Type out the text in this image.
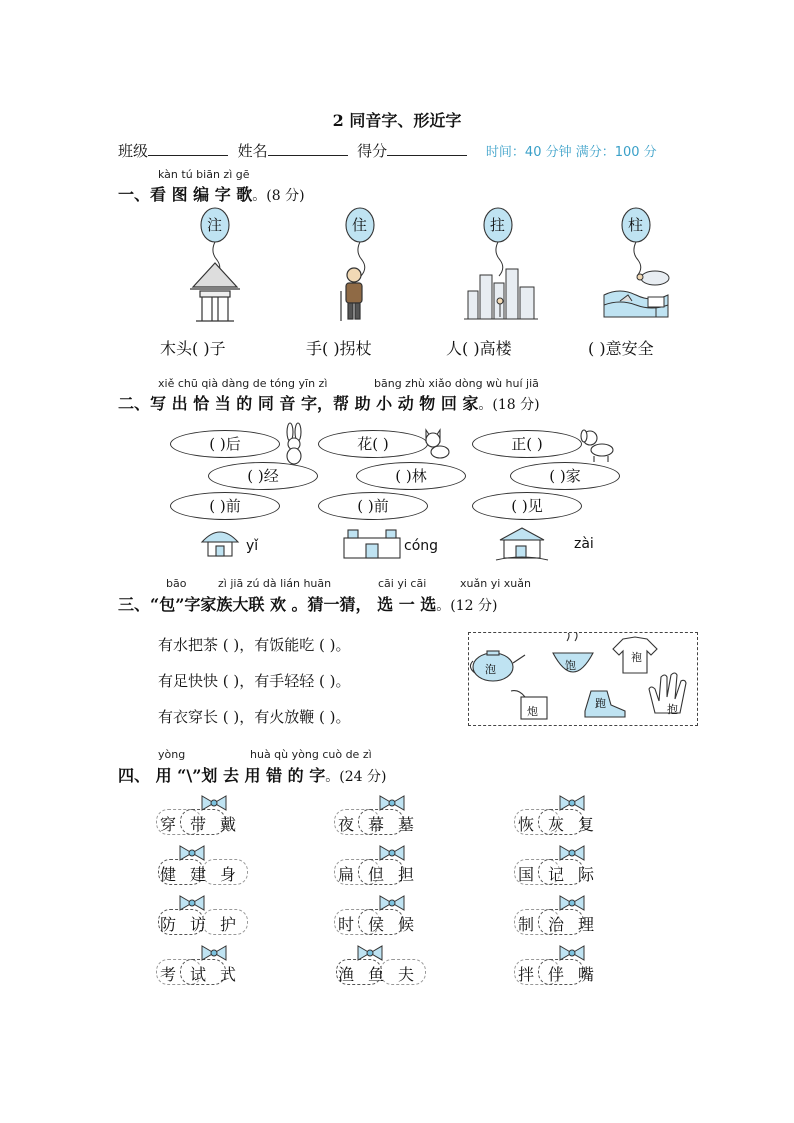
2 同音字、形近字
班级	姓名	得分	时间：40 分钟 满分：100 分
kàn tú biān zì gē
一、看 图 编 字 歌。(8 分)
注	住	拄	柱
木头( )子	手( )拐杖	人( )高楼	( )意安全
xiě chū qià dàng de tóng yīn zì	bāng zhù xiǎo dòng wù huí jiā
二、写 出 恰 当 的 同 音 字，帮 助 小 动 物 回 家。(18 分)
( )后	花( )	正( )
( )经	( )林	( )家
( )前	( )前	( )见
yǐ	cóng	zài
bāo	zì jiā zú dà lián huān	cāi yi cāi	xuǎn yi xuǎn
三、“包”字家族大联 欢 。猜一猜， 选 一 选。(12 分)
有水把茶 ( )，有饭能吃 ( )。
有足快快 ( )，有手轻轻 ( )。
有衣穿长 ( )，有火放鞭 ( )。
泡	饱
袍
炮
跑	抱
yòng	huà qù yòng cuò de zì
四、 用 “\”划 去 用 错 的 字。(24 分)
穿 带 戴	夜 幕 墓	恢 灰 复
健 建 身	扁 但 担	国 记 际
防 访 护	时 侯 候	制 治 理
考 试 式	渔 鱼 夫	拌 伴 嘴
